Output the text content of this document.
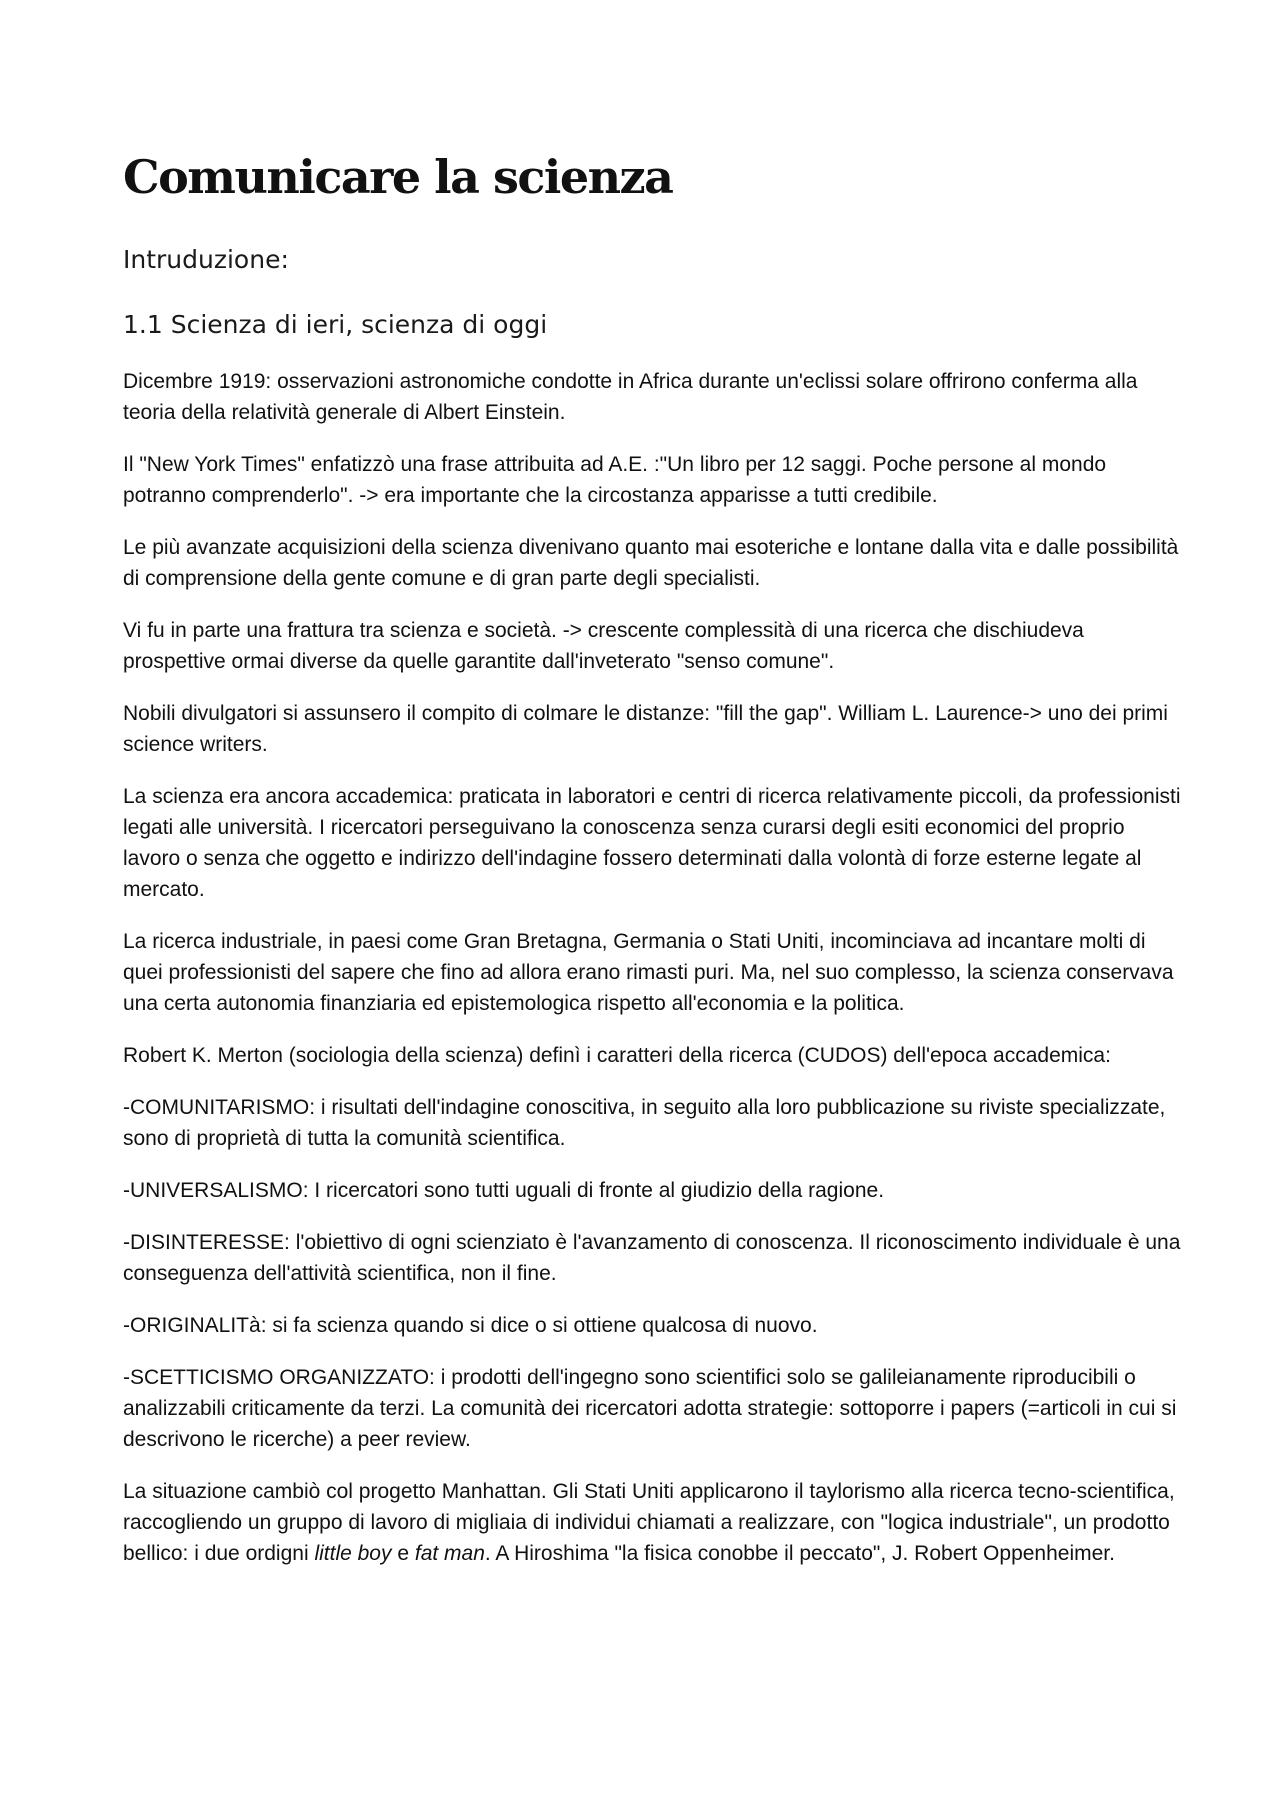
Comunicare la scienza
Intruduzione:
1.1 Scienza di ieri, scienza di oggi

Dicembre 1919: osservazioni astronomiche condotte in Africa durante un'eclissi solare offrirono conferma alla teoria della relatività generale di Albert Einstein.

Il "New York Times" enfatizzò una frase attribuita ad A.E. :"Un libro per 12 saggi. Poche persone al mondo potranno comprenderlo". -> era importante che la circostanza apparisse a tutti credibile.

Le più avanzate acquisizioni della scienza divenivano quanto mai esoteriche e lontane dalla vita e dalle possibilità di comprensione della gente comune e di gran parte degli specialisti.

Vi fu in parte una frattura tra scienza e società. -> crescente complessità di una ricerca che dischiudeva prospettive ormai diverse da quelle garantite dall'inveterato "senso comune".

Nobili divulgatori si assunsero il compito di colmare le distanze: "fill the gap". William L. Laurence-> uno dei primi science writers.

La scienza era ancora accademica: praticata in laboratori e centri di ricerca relativamente piccoli, da professionisti legati alle università. I ricercatori perseguivano la conoscenza senza curarsi degli esiti economici del proprio lavoro o senza che oggetto e indirizzo dell'indagine fossero determinati dalla volontà di forze esterne legate al mercato.

La ricerca industriale, in paesi come Gran Bretagna, Germania o Stati Uniti, incominciava ad incantare molti di quei professionisti del sapere che fino ad allora erano rimasti puri. Ma, nel suo complesso, la scienza conservava una certa autonomia finanziaria ed epistemologica rispetto all'economia e la politica.

Robert K. Merton (sociologia della scienza) definì i caratteri della ricerca (CUDOS) dell'epoca accademica:

-COMUNITARISMO: i risultati dell'indagine conoscitiva, in seguito alla loro pubblicazione su riviste specializzate, sono di proprietà di tutta la comunità scientifica.

-UNIVERSALISMO: I ricercatori sono tutti uguali di fronte al giudizio della ragione.

-DISINTERESSE: l'obiettivo di ogni scienziato è l'avanzamento di conoscenza. Il riconoscimento individuale è una conseguenza dell'attività scientifica, non il fine.

-ORIGINALITà: si fa scienza quando si dice o si ottiene qualcosa di nuovo.

-SCETTICISMO ORGANIZZATO: i prodotti dell'ingegno sono scientifici solo se galileianamente riproducibili o analizzabili criticamente da terzi. La comunità dei ricercatori adotta strategie: sottoporre i papers (=articoli in cui si descrivono le ricerche) a peer review.

La situazione cambiò col progetto Manhattan. Gli Stati Uniti applicarono il taylorismo alla ricerca tecno-scientifica, raccogliendo un gruppo di lavoro di migliaia di individui chiamati a realizzare, con "logica industriale", un prodotto bellico: i due ordigni little boy e fat man. A Hiroshima "la fisica conobbe il peccato", J. Robert Oppenheimer.
